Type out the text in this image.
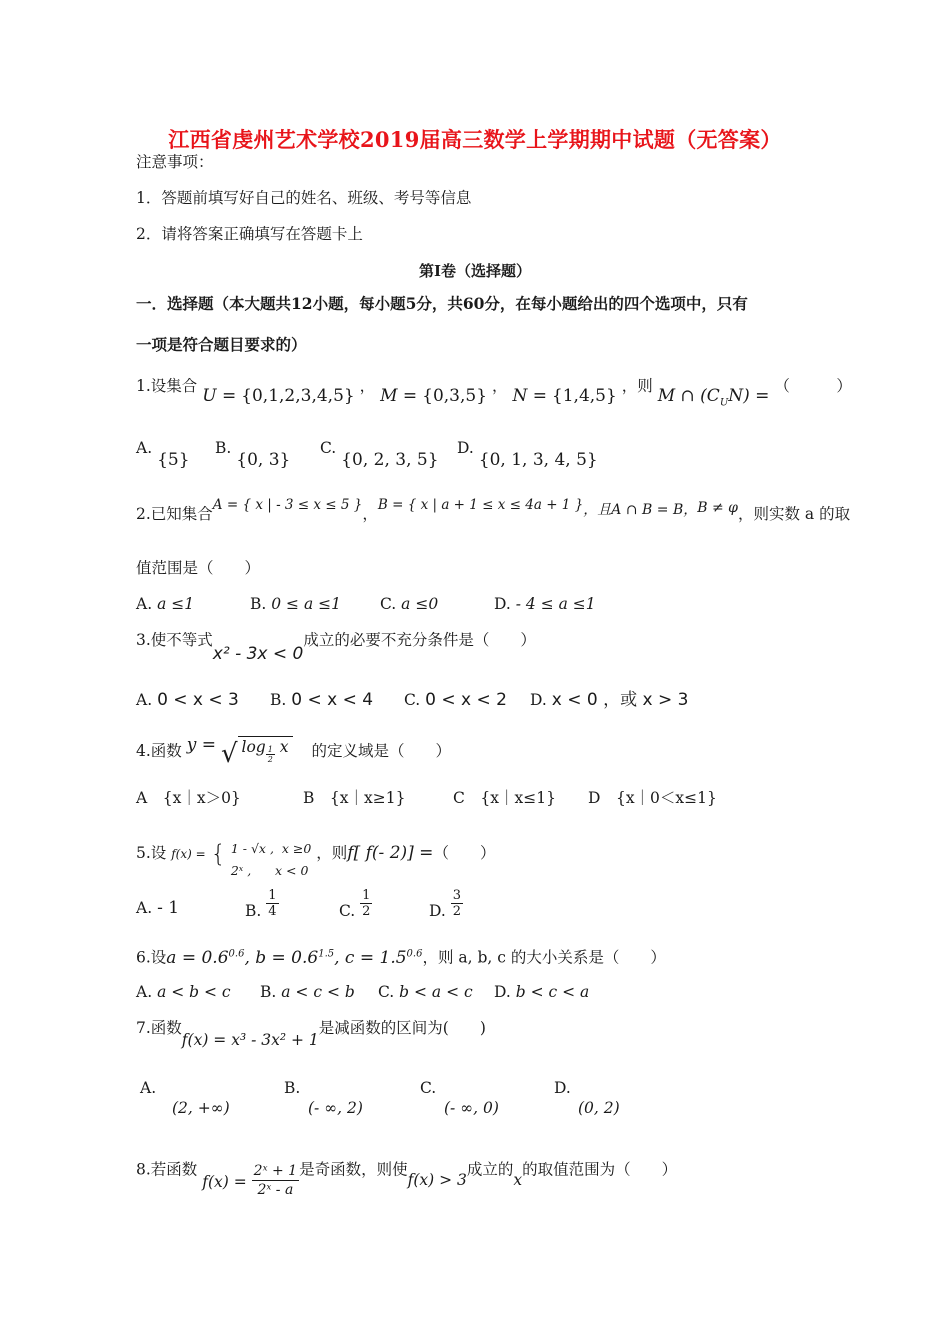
江西省虔州艺术学校2019届高三数学上学期期中试题（无答案）
注意事项：
1．答题前填写好自己的姓名、班级、考号等信息
2．请将答案正确填写在答题卡上
第Ⅰ卷（选择题）
一．选择题（本大题共12小题，每小题5分，共60分，在每小题给出的四个选项中，只有
一项是符合题目要求的）
1.设集合 U = {0,1,2,3,4,5} ， M = {0,3,5} ， N = {1,4,5} ，则 M ∩ $(C_UN)$ = （　　　）
A. {5}
B. {0, 3}
C. {0, 2, 3, 5}
D. {0, 1, 3, 4, 5}
2.已知集合A = { x | - 3 ≤ x ≤ 5 }，B = { x | a + 1 ≤ x ≤ 4a + 1 }，且A ∩ B = B，B ≠ φ，则实数 a 的取
值范围是（　　）
A. a ≤1	B. 0 ≤ a ≤1	C. a ≤0	D. - 4 ≤ a ≤1
3.使不等式x² - 3x < 0成立的必要不充分条件是（　　）
A. 0 < x < 3 B. 0 < x < 4 C. 0 < x < 2 D. x < 0 ，或 x > 3
4.函数 y = √ $\log \frac{1}{2}$ x 的定义域是（　　）
A　 {x｜x＞0}	B　 {x｜x≥1}	C　 {x｜x≤1} D　 {x｜0＜x≤1}
5.设 f(x) = { 1 - √x , x ≥0
2ˣ , x < 0
，则f[ f(- 2)] =（　　）
A. - 1	B. $\frac{1}{4}$	C. $\frac{1}{2}$	D. $\frac{3}{2}$
6.设$a = 0.6^{0.6}$, $b = 0.6^{1.5}$, $c = 1.5^{0.6}$，则 a, b, c 的大小关系是（　　）
A. a < b < c B. a < c < b C. b < a < c D. b < c < a
7.函数f(x) = x³ - 3x² + 1是减函数的区间为(　　)
A.
(2, +∞)
B.
(- ∞, 2)
C.
(- ∞, 0)
D.
(0, 2)
8.若函数 $f(x) = \frac{\text{2ˣ + 1}}{\text{2ˣ - a}}$ 是奇函数，则使f(x) > 3成立的x的取值范围为（　　）
